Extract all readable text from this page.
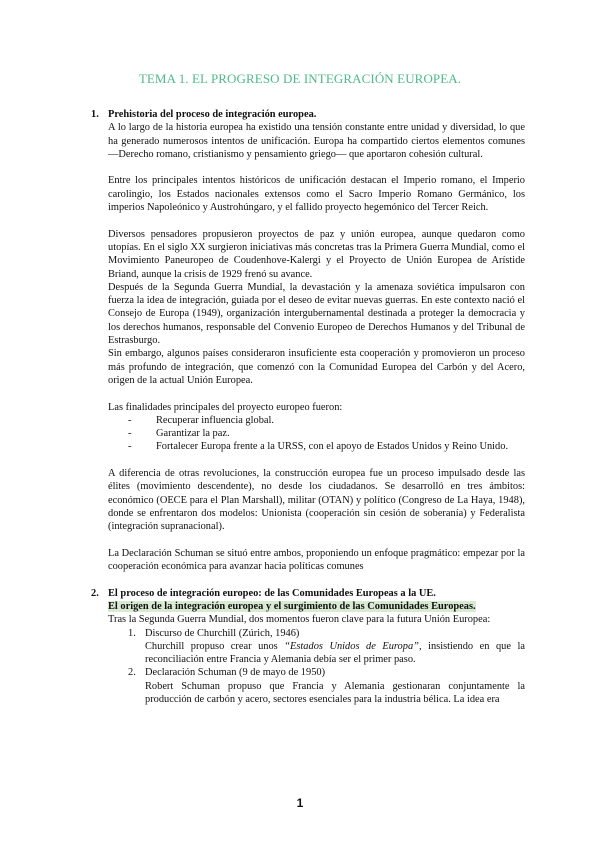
TEMA 1. EL PROGRESO DE INTEGRACIÓN EUROPEA.
1. Prehistoria del proceso de integración europea.

A lo largo de la historia europea ha existido una tensión constante entre unidad y diversidad, lo que ha generado numerosos intentos de unificación. Europa ha compartido ciertos elementos comunes —Derecho romano, cristianismo y pensamiento griego— que aportaron cohesión cultural.

Entre los principales intentos históricos de unificación destacan el Imperio romano, el Imperio carolingio, los Estados nacionales extensos como el Sacro Imperio Romano Germánico, los imperios Napoleónico y Austrohúngaro, y el fallido proyecto hegemónico del Tercer Reich.

Diversos pensadores propusieron proyectos de paz y unión europea, aunque quedaron como utopías. En el siglo XX surgieron iniciativas más concretas tras la Primera Guerra Mundial, como el Movimiento Paneuropeo de Coudenhove-Kalergi y el Proyecto de Unión Europea de Arístide Briand, aunque la crisis de 1929 frenó su avance.

Después de la Segunda Guerra Mundial, la devastación y la amenaza soviética impulsaron con fuerza la idea de integración, guiada por el deseo de evitar nuevas guerras. En este contexto nació el Consejo de Europa (1949), organización intergubernamental destinada a proteger la democracia y los derechos humanos, responsable del Convenio Europeo de Derechos Humanos y del Tribunal de Estrasburgo.

Sin embargo, algunos países consideraron insuficiente esta cooperación y promovieron un proceso más profundo de integración, que comenzó con la Comunidad Europea del Carbón y del Acero, origen de la actual Unión Europea.

Las finalidades principales del proyecto europeo fueron:

- Recuperar influencia global.
- Garantizar la paz.
- Fortalecer Europa frente a la URSS, con el apoyo de Estados Unidos y Reino Unido.

A diferencia de otras revoluciones, la construcción europea fue un proceso impulsado desde las élites (movimiento descendente), no desde los ciudadanos. Se desarrolló en tres ámbitos: económico (OECE para el Plan Marshall), militar (OTAN) y político (Congreso de La Haya, 1948), donde se enfrentaron dos modelos: Unionista (cooperación sin cesión de soberanía) y Federalista (integración supranacional).

La Declaración Schuman se situó entre ambos, proponiendo un enfoque pragmático: empezar por la cooperación económica para avanzar hacia políticas comunes

2. El proceso de integración europeo: de las Comunidades Europeas a la UE.

El origen de la integración europea y el surgimiento de las Comunidades Europeas.

Tras la Segunda Guerra Mundial, dos momentos fueron clave para la futura Unión Europea:

1. Discurso de Churchill (Zúrich, 1946)

Churchill propuso crear unos “Estados Unidos de Europa”, insistiendo en que la reconciliación entre Francia y Alemania debía ser el primer paso.

2. Declaración Schuman (9 de mayo de 1950)

Robert Schuman propuso que Francia y Alemania gestionaran conjuntamente la producción de carbón y acero, sectores esenciales para la industria bélica. La idea era

1
